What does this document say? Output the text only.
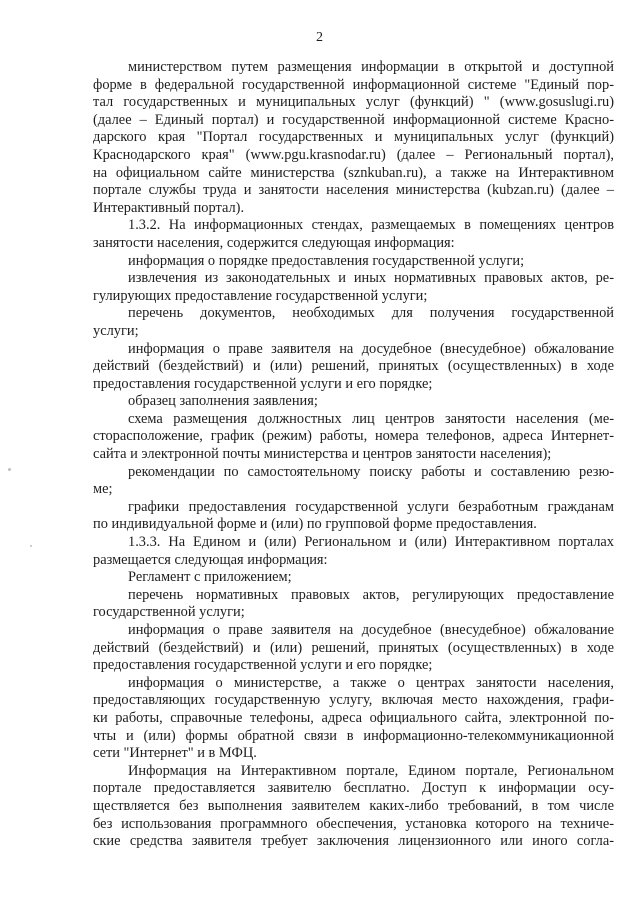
2
министерством путем размещения информации в открытой и доступной
форме в федеральной государственной информационной системе "Единый пор-
тал государственных и муниципальных услуг (функций) " (www.gosuslugi.ru)
(далее – Единый портал) и государственной информационной системе Красно-
дарского края "Портал государственных и муниципальных услуг (функций)
Краснодарского края" (www.pgu.krasnodar.ru) (далее – Региональный портал),
на официальном сайте министерства (sznkuban.ru), а также на Интерактивном
портале службы труда и занятости населения министерства (kubzan.ru) (далее –
Интерактивный портал).
1.3.2. На информационных стендах, размещаемых в помещениях центров
занятости населения, содержится следующая информация:
информация о порядке предоставления государственной услуги;
извлечения из законодательных и иных нормативных правовых актов, ре-
гулирующих предоставление государственной услуги;
перечень документов, необходимых для получения государственной
услуги;
информация о праве заявителя на досудебное (внесудебное) обжалование
действий (бездействий) и (или) решений, принятых (осуществленных) в ходе
предоставления государственной услуги и его порядке;
образец заполнения заявления;
схема размещения должностных лиц центров занятости населения (ме-
сторасположение, график (режим) работы, номера телефонов, адреса Интернет-
сайта и электронной почты министерства и центров занятости населения);
рекомендации по самостоятельному поиску работы и составлению резю-
ме;
графики предоставления государственной услуги безработным гражданам
по индивидуальной форме и (или) по групповой форме предоставления.
1.3.3. На Едином и (или) Региональном и (или) Интерактивном порталах
размещается следующая информация:
Регламент с приложением;
перечень нормативных правовых актов, регулирующих предоставление
государственной услуги;
информация о праве заявителя на досудебное (внесудебное) обжалование
действий (бездействий) и (или) решений, принятых (осуществленных) в ходе
предоставления государственной услуги и его порядке;
информация о министерстве, а также о центрах занятости населения,
предоставляющих государственную услугу, включая место нахождения, графи-
ки работы, справочные телефоны, адреса официального сайта, электронной по-
чты и (или) формы обратной связи в информационно-телекоммуникационной
сети "Интернет" и в МФЦ.
Информация на Интерактивном портале, Едином портале, Региональном
портале предоставляется заявителю бесплатно. Доступ к информации осу-
ществляется без выполнения заявителем каких-либо требований, в том числе
без использования программного обеспечения, установка которого на техниче-
ские средства заявителя требует заключения лицензионного или иного согла-
